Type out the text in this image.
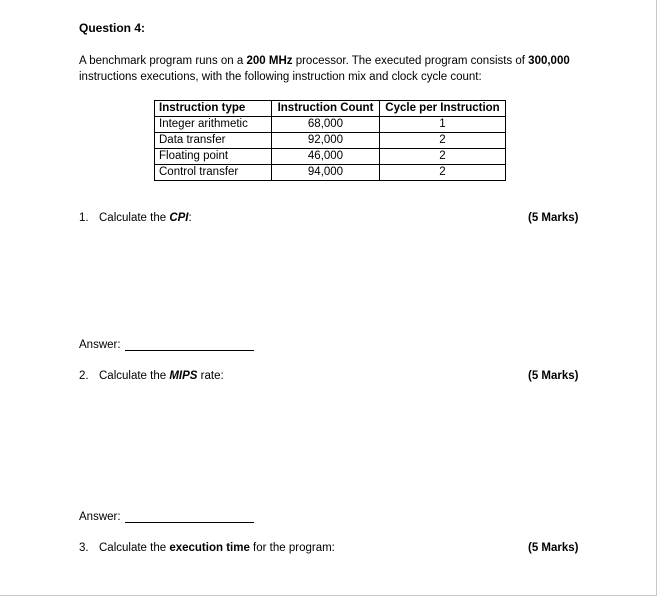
Question 4:
A benchmark program runs on a 200 MHz processor. The executed program consists of 300,000 instructions executions, with the following instruction mix and clock cycle count:
Instruction type	Instruction Count	Cycle per Instruction
Integer arithmetic	68,000	1
Data transfer	92,000	2
Floating point	46,000	2
Control transfer	94,000	2
1. Calculate the CPI:	(5 Marks)
Answer:
2. Calculate the MIPS rate:	(5 Marks)
Answer:
3. Calculate the execution time for the program:	(5 Marks)
